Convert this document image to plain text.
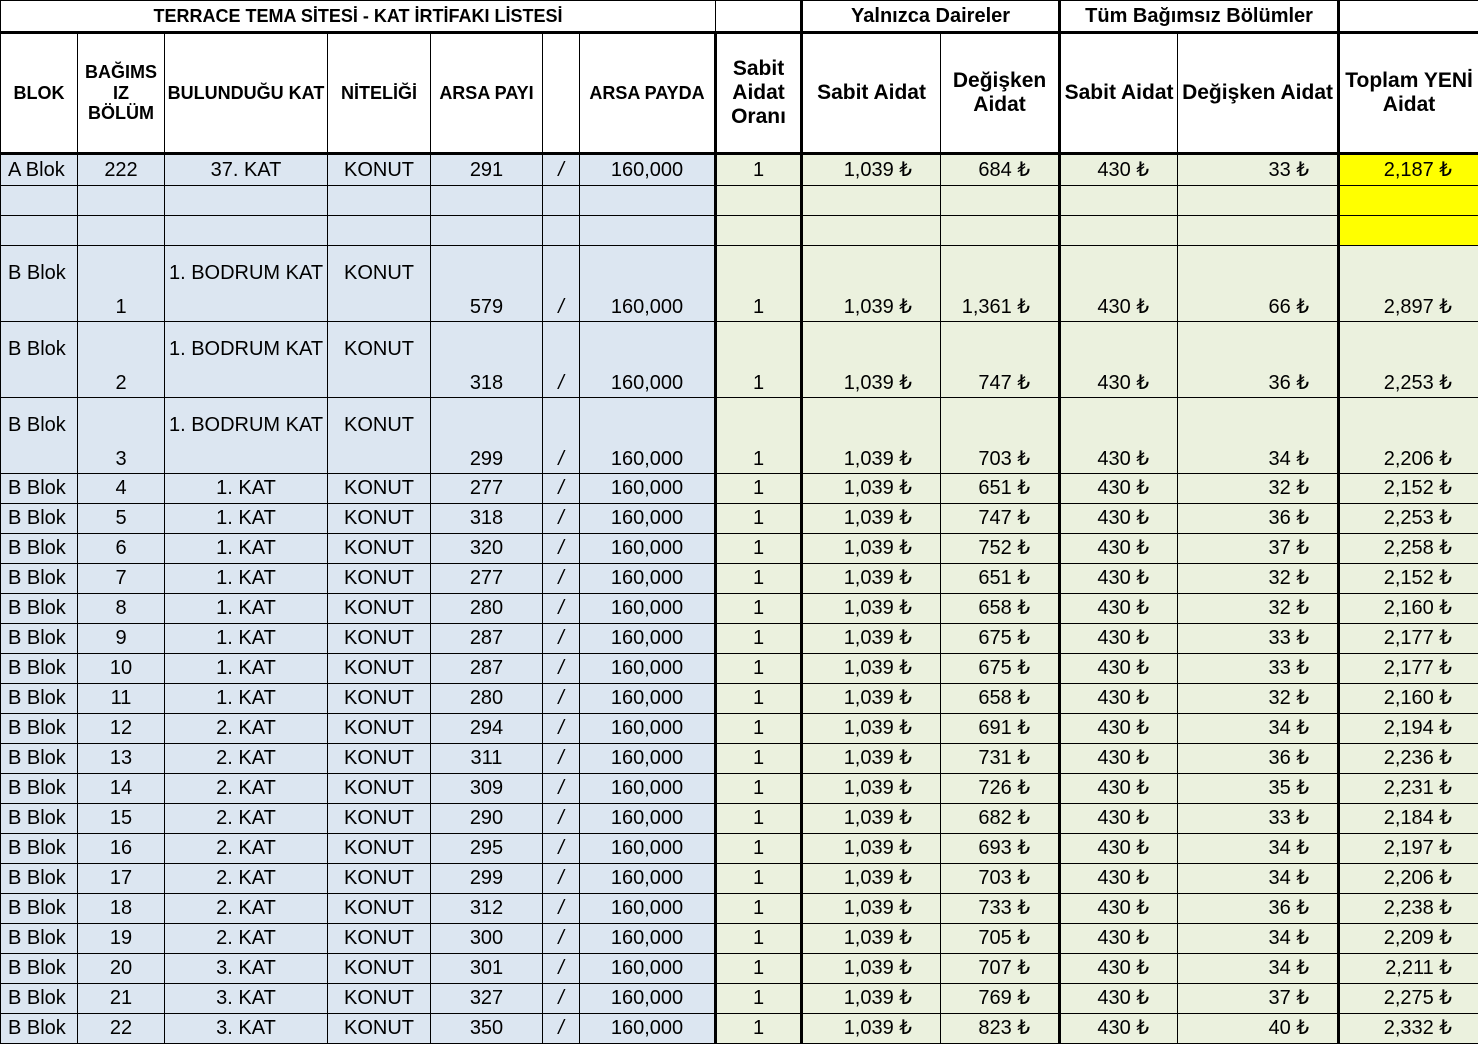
TERRACE TEMA SİTESİ - KAT İRTİFAKI LİSTESİ								Yalnızca Daireler		Tüm Bağımsız Bölümler		
BLOK	BAĞIMS IZ BÖLÜM	BULUNDUĞU KAT	NİTELİĞİ	ARSA PAYI		ARSA PAYDA	Sabit Aidat Oranı	Sabit Aidat	Değişken Aidat	Sabit Aidat	Değişken Aidat	Toplam YENİ Aidat
A Blok	222	37. KAT	KONUT	291	/	160,000	1	1,039 ₺	684 ₺	430 ₺	33 ₺	2,187 ₺

B Blok	1	1. BODRUM KAT	KONUT	579	/	160,000	1	1,039 ₺	1,361 ₺	430 ₺	66 ₺	2,897 ₺
B Blok	2	1. BODRUM KAT	KONUT	318	/	160,000	1	1,039 ₺	747 ₺	430 ₺	36 ₺	2,253 ₺
B Blok	3	1. BODRUM KAT	KONUT	299	/	160,000	1	1,039 ₺	703 ₺	430 ₺	34 ₺	2,206 ₺
B Blok	4	1. KAT	KONUT	277	/	160,000	1	1,039 ₺	651 ₺	430 ₺	32 ₺	2,152 ₺
B Blok	5	1. KAT	KONUT	318	/	160,000	1	1,039 ₺	747 ₺	430 ₺	36 ₺	2,253 ₺
B Blok	6	1. KAT	KONUT	320	/	160,000	1	1,039 ₺	752 ₺	430 ₺	37 ₺	2,258 ₺
B Blok	7	1. KAT	KONUT	277	/	160,000	1	1,039 ₺	651 ₺	430 ₺	32 ₺	2,152 ₺
B Blok	8	1. KAT	KONUT	280	/	160,000	1	1,039 ₺	658 ₺	430 ₺	32 ₺	2,160 ₺
B Blok	9	1. KAT	KONUT	287	/	160,000	1	1,039 ₺	675 ₺	430 ₺	33 ₺	2,177 ₺
B Blok	10	1. KAT	KONUT	287	/	160,000	1	1,039 ₺	675 ₺	430 ₺	33 ₺	2,177 ₺
B Blok	11	1. KAT	KONUT	280	/	160,000	1	1,039 ₺	658 ₺	430 ₺	32 ₺	2,160 ₺
B Blok	12	2. KAT	KONUT	294	/	160,000	1	1,039 ₺	691 ₺	430 ₺	34 ₺	2,194 ₺
B Blok	13	2. KAT	KONUT	311	/	160,000	1	1,039 ₺	731 ₺	430 ₺	36 ₺	2,236 ₺
B Blok	14	2. KAT	KONUT	309	/	160,000	1	1,039 ₺	726 ₺	430 ₺	35 ₺	2,231 ₺
B Blok	15	2. KAT	KONUT	290	/	160,000	1	1,039 ₺	682 ₺	430 ₺	33 ₺	2,184 ₺
B Blok	16	2. KAT	KONUT	295	/	160,000	1	1,039 ₺	693 ₺	430 ₺	34 ₺	2,197 ₺
B Blok	17	2. KAT	KONUT	299	/	160,000	1	1,039 ₺	703 ₺	430 ₺	34 ₺	2,206 ₺
B Blok	18	2. KAT	KONUT	312	/	160,000	1	1,039 ₺	733 ₺	430 ₺	36 ₺	2,238 ₺
B Blok	19	2. KAT	KONUT	300	/	160,000	1	1,039 ₺	705 ₺	430 ₺	34 ₺	2,209 ₺
B Blok	20	3. KAT	KONUT	301	/	160,000	1	1,039 ₺	707 ₺	430 ₺	34 ₺	2,211 ₺
B Blok	21	3. KAT	KONUT	327	/	160,000	1	1,039 ₺	769 ₺	430 ₺	37 ₺	2,275 ₺
B Blok	22	3. KAT	KONUT	350	/	160,000	1	1,039 ₺	823 ₺	430 ₺	40 ₺	2,332 ₺
